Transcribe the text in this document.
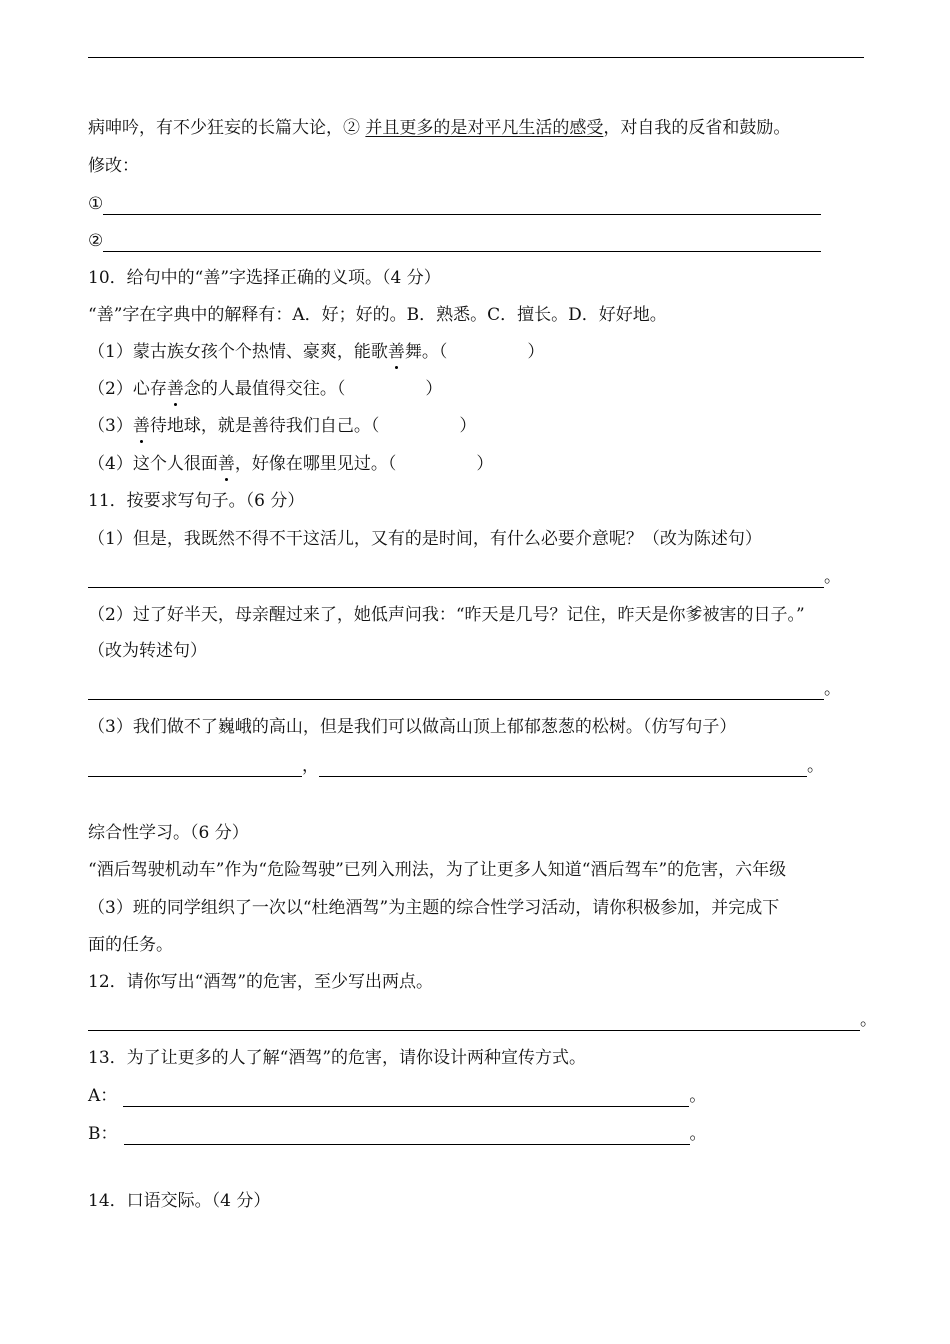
病呻吟，有不少狂妄的长篇大论，② 并且更多的是对平凡生活的感受，对自我的反省和鼓励。
修改：
①
②
10．给句中的“善”字选择正确的义项。（4 分）
“善”字在字典中的解释有：A．好；好的。B．熟悉。C．擅长。D．好好地。
（1）蒙古族女孩个个热情、豪爽，能歌善舞。（	）
（2）心存善念的人最值得交往。（	）
（3）善待地球，就是善待我们自己。（	）
（4）这个人很面善，好像在哪里见过。（	）
11．按要求写句子。（6 分）
（1）但是，我既然不得不干这活儿，又有的是时间，有什么必要介意呢？（改为陈述句）
。
（2）过了好半天，母亲醒过来了，她低声问我：“昨天是几号？记住，昨天是你爹被害的日子。”
（改为转述句）
。
（3）我们做不了巍峨的高山，但是我们可以做高山顶上郁郁葱葱的松树。（仿写句子）
，	。
综合性学习。（6 分）
“酒后驾驶机动车”作为“危险驾驶”已列入刑法，为了让更多人知道“酒后驾车”的危害，六年级
（3）班的同学组织了一次以“杜绝酒驾”为主题的综合性学习活动，请你积极参加，并完成下
面的任务。
12．请你写出“酒驾”的危害，至少写出两点。
。
13．为了让更多的人了解“酒驾”的危害，请你设计两种宣传方式。
A：	。
B：	。
14．口语交际。（4 分）
